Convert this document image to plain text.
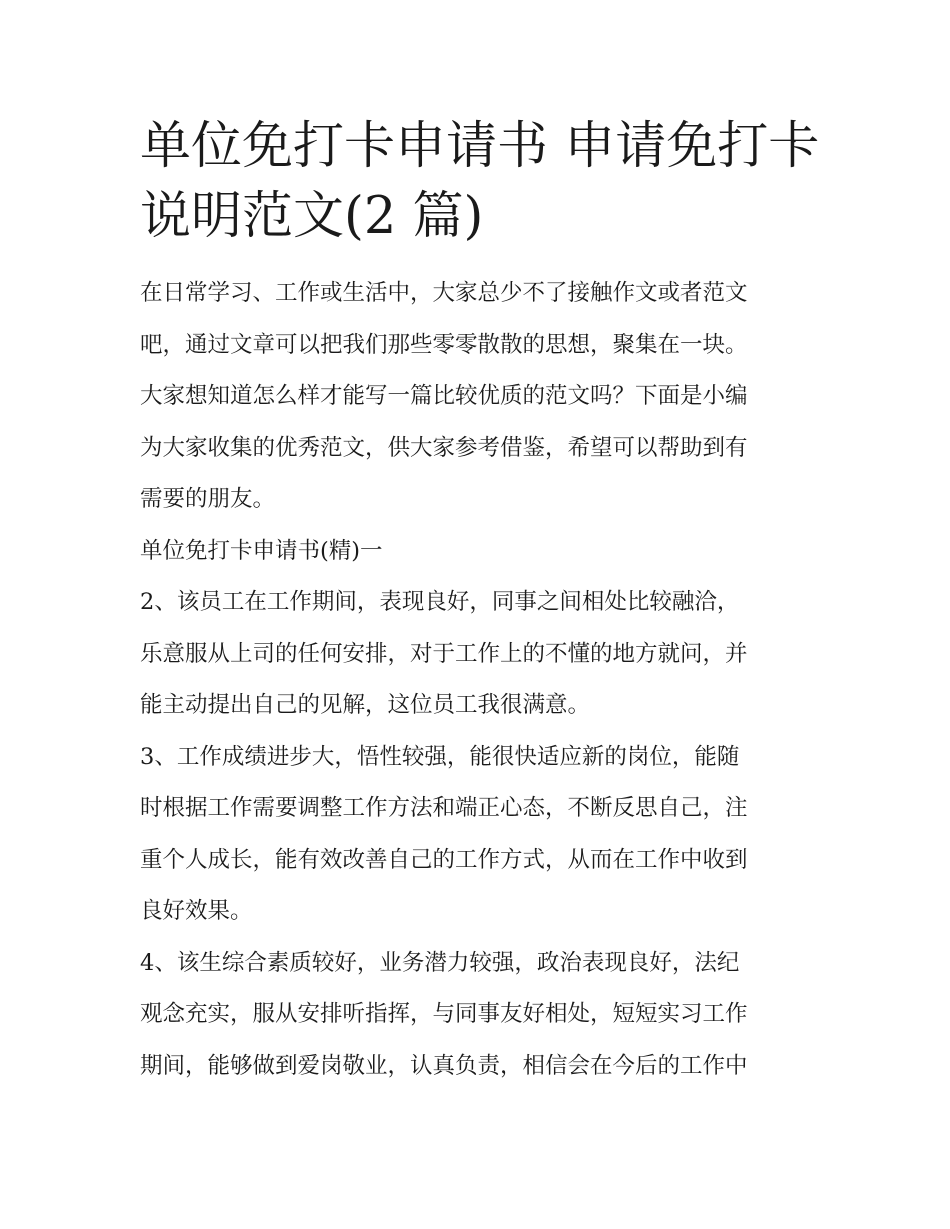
单位免打卡申请书 申请免打卡
说明范文(2 篇)

在日常学习、工作或生活中，大家总少不了接触作文或者范文
吧，通过文章可以把我们那些零零散散的思想，聚集在一块。
大家想知道怎么样才能写一篇比较优质的范文吗？下面是小编
为大家收集的优秀范文，供大家参考借鉴，希望可以帮助到有
需要的朋友。

单位免打卡申请书(精)一

2、该员工在工作期间，表现良好，同事之间相处比较融洽，
乐意服从上司的任何安排，对于工作上的不懂的地方就问，并
能主动提出自己的见解，这位员工我很满意。

3、工作成绩进步大，悟性较强，能很快适应新的岗位，能随
时根据工作需要调整工作方法和端正心态，不断反思自己，注
重个人成长，能有效改善自己的工作方式，从而在工作中收到
良好效果。

4、该生综合素质较好，业务潜力较强，政治表现良好，法纪
观念充实，服从安排听指挥，与同事友好相处，短短实习工作
期间，能够做到爱岗敬业，认真负责，相信会在今后的工作中
